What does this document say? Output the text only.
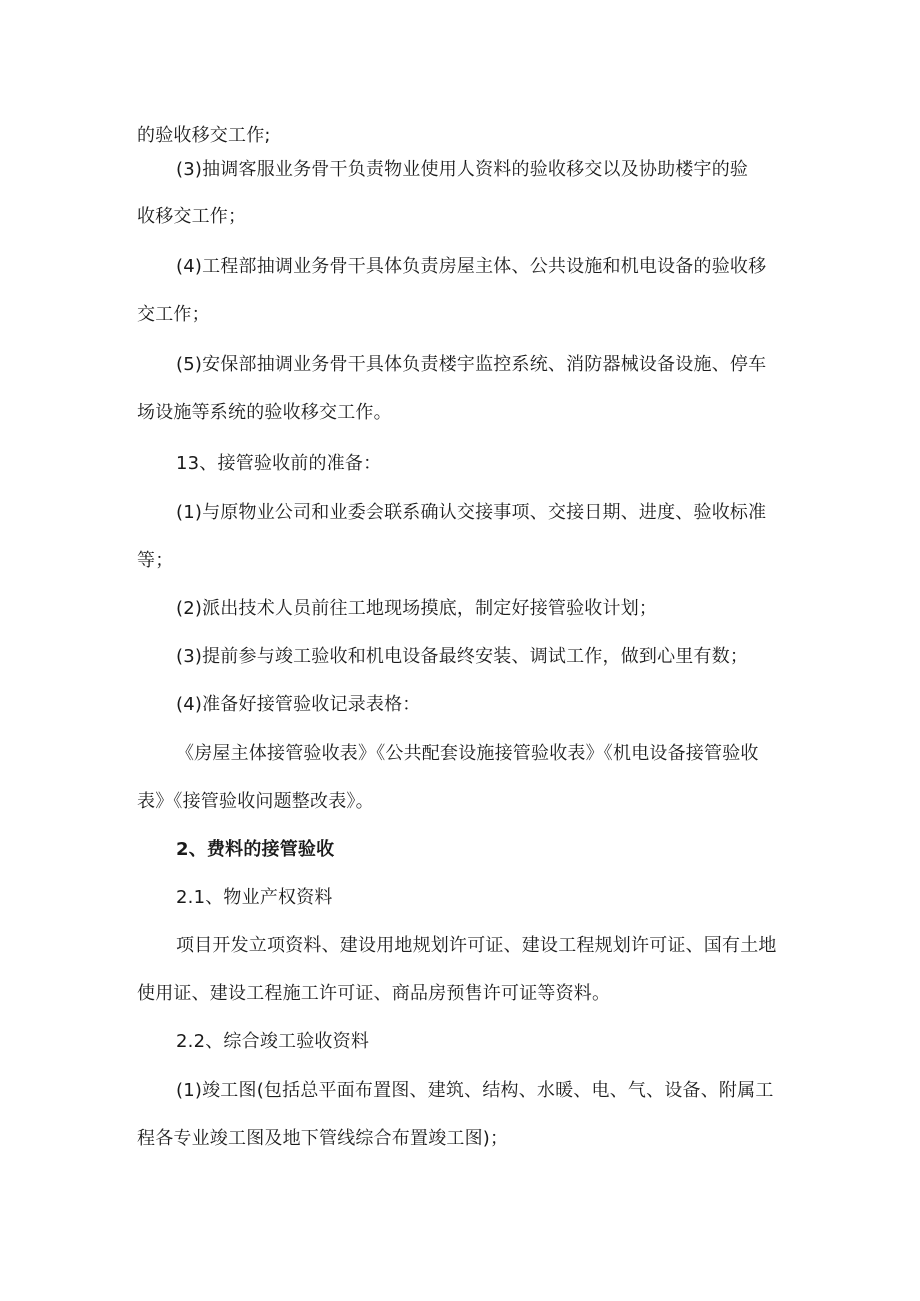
的验收移交工作;
(3)抽调客服业务骨干负责物业使用人资料的验收移交以及协助楼宇的验
收移交工作；
(4)工程部抽调业务骨干具体负责房屋主体、公共设施和机电设备的验收移
交工作；
(5)安保部抽调业务骨干具体负责楼宇监控系统、消防器械设备设施、停车
场设施等系统的验收移交工作。
13、接管验收前的准备：
(1)与原物业公司和业委会联系确认交接事项、交接日期、进度、验收标准
等；
(2)派出技术人员前往工地现场摸底，制定好接管验收计划；
(3)提前参与竣工验收和机电设备最终安装、调试工作，做到心里有数；
(4)准备好接管验收记录表格：
《房屋主体接管验收表》《公共配套设施接管验收表》《机电设备接管验收
表》《接管验收问题整改表》。
2、费料的接管验收
2.1、物业产权资料
项目开发立项资料、建设用地规划许可证、建设工程规划许可证、国有土地
使用证、建设工程施工许可证、商品房预售许可证等资料。
2.2、综合竣工验收资料
(1)竣工图(包括总平面布置图、建筑、结构、水暖、电、气、设备、附属工
程各专业竣工图及地下管线综合布置竣工图)；
